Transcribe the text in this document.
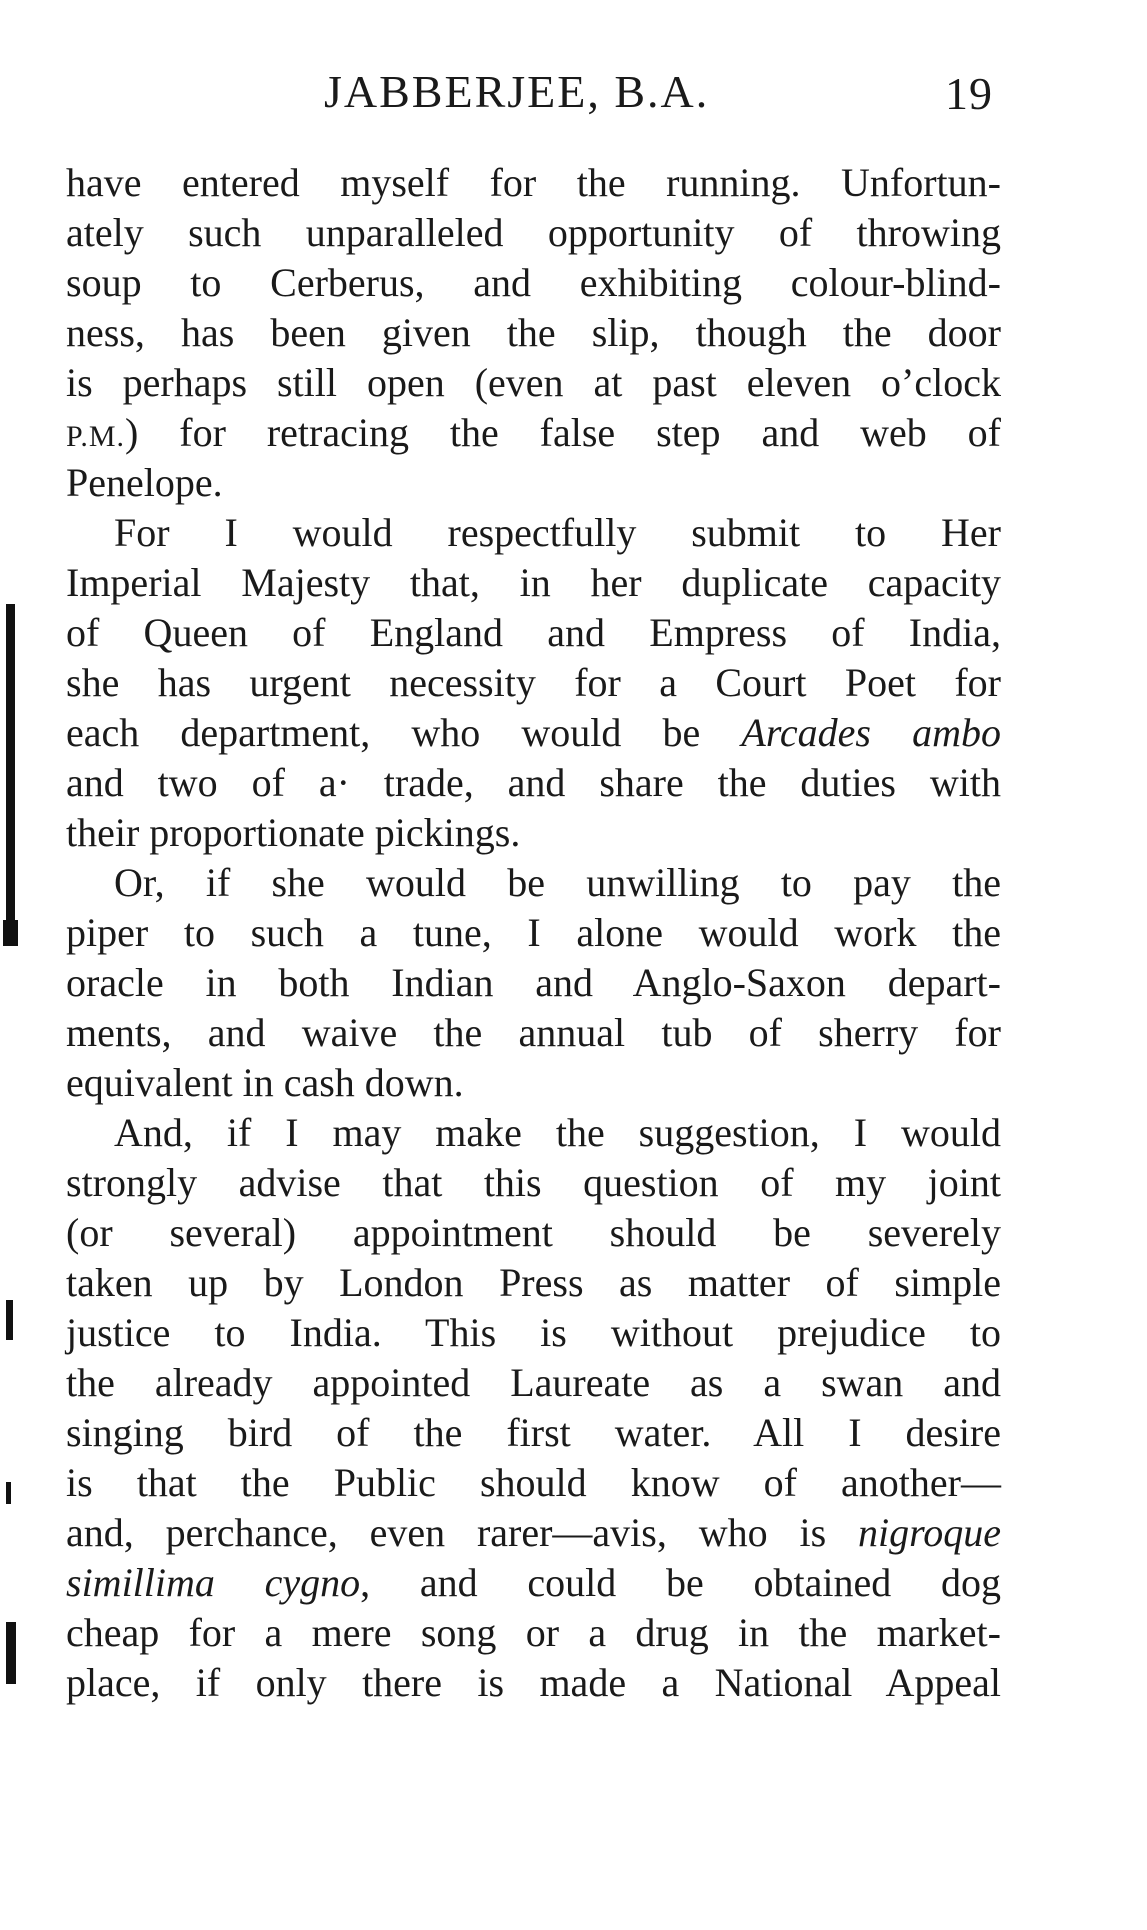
JABBERJEE, B.A.	19
have entered myself for the running. Unfortun-
ately such unparalleled opportunity of throwing
soup to Cerberus, and exhibiting colour-blind-
ness, has been given the slip, though the door
is perhaps still open (even at past eleven o’clock
P.M.) for retracing the false step and web of
Penelope.
For I would respectfully submit to Her
Imperial Majesty that, in her duplicate capacity
of Queen of England and Empress of India,
she has urgent necessity for a Court Poet for
each department, who would be Arcades ambo
and two of a· trade, and share the duties with
their proportionate pickings.
Or, if she would be unwilling to pay the
piper to such a tune, I alone would work the
oracle in both Indian and Anglo-Saxon depart-
ments, and waive the annual tub of sherry for
equivalent in cash down.
And, if I may make the suggestion, I would
strongly advise that this question of my joint
(or several) appointment should be severely
taken up by London Press as matter of simple
justice to India. This is without prejudice to
the already appointed Laureate as a swan and
singing bird of the first water. All I desire
is that the Public should know of another—
and, perchance, even rarer—avis, who is nigroque
simillima cygno, and could be obtained dog
cheap for a mere song or a drug in the market-
place, if only there is made a National Appeal
